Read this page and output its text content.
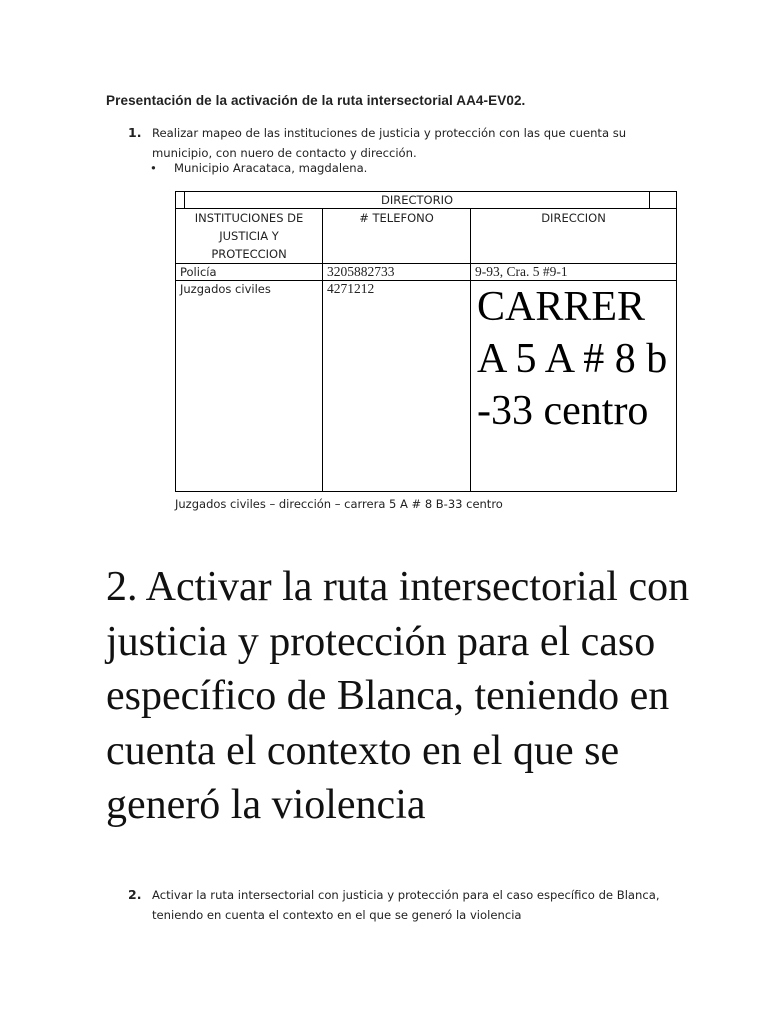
Presentación de la activación de la ruta intersectorial AA4-EV02.
1. Realizar mapeo de las instituciones de justicia y protección con las que cuenta su
municipio, con nuero de contacto y dirección.
• Municipio Aracataca, magdalena.
	DIRECTORIO	

INSTITUCIONES DE
JUSTICIA Y
PROTECCION
	# TELEFONO	DIRECCION
Policía	3205882733	9-93, Cra. 5 #9-1
Juzgados civiles	4271212	CARRERA 5 A # 8 b-33 centro
Juzgados civiles – dirección – carrera 5 A # 8 B-33 centro
2. Activar la ruta intersectorial con justicia y protección para el caso específico de Blanca, teniendo en cuenta el contexto en el que se generó la violencia
2. Activar la ruta intersectorial con justicia y protección para el caso específico de Blanca,
teniendo en cuenta el contexto en el que se generó la violencia
